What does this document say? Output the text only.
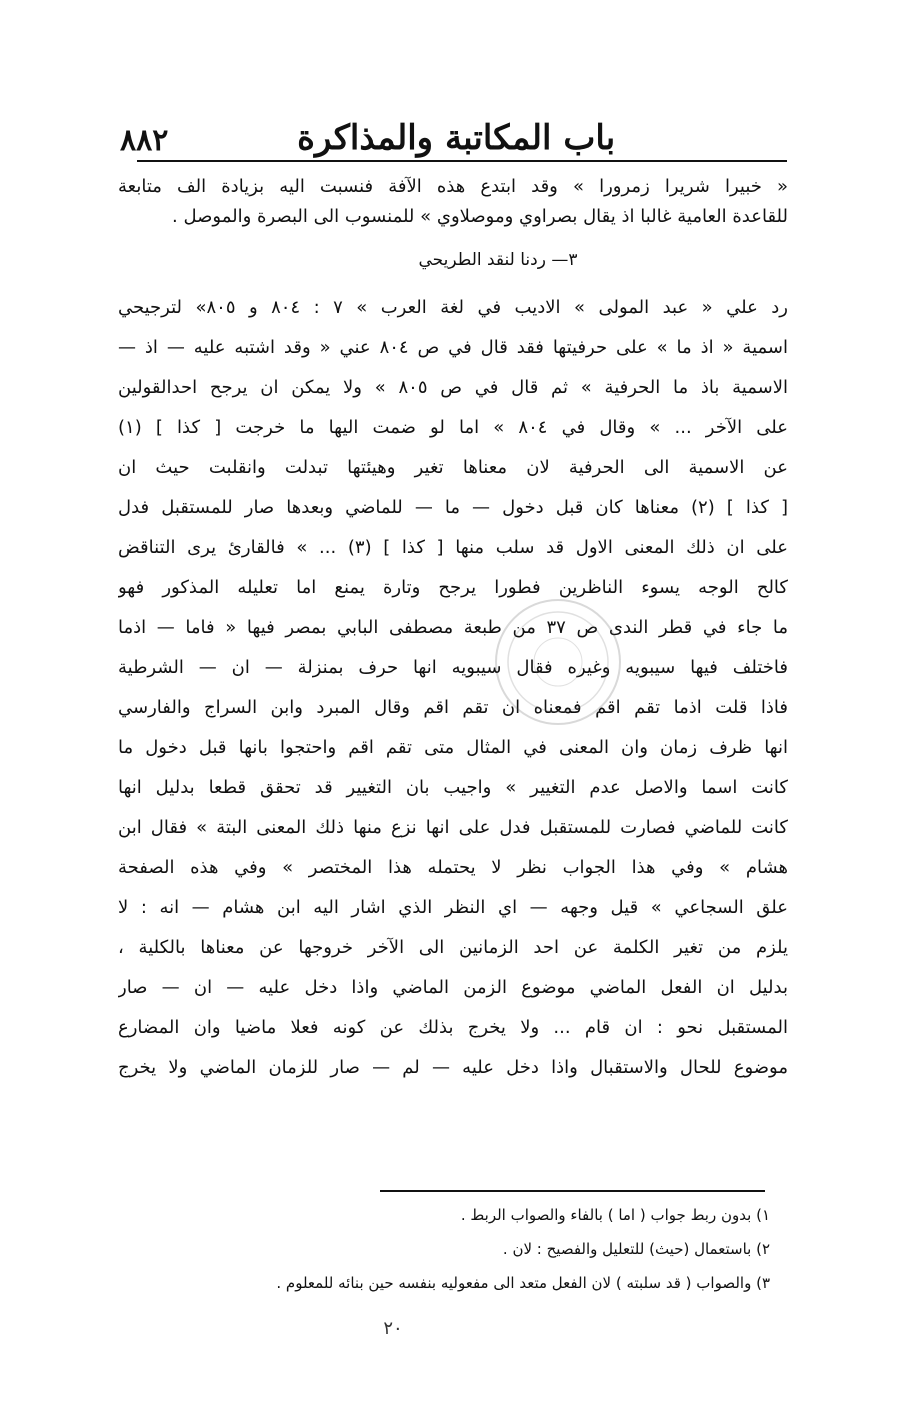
باب المكاتبة والمذاكرة
٨٨٢
« خبيرا شريرا زمرورا » وقد ابتدع هذه الآفة فنسبت اليه بزيادة الف متابعة
للقاعدة العامية غالبا اذ يقال بصراوي وموصلاوي » للمنسوب الى البصرة والموصل .
٣— ردنا لنقد الطريحي
رد علي « عبد المولى » الاديب في لغة العرب » ٧ : ٨٠٤ و ٨٠٥» لترجيحي
اسمية « اذ ما » على حرفيتها فقد قال في ص ٨٠٤ عني « وقد اشتبه عليه — اذ —
الاسمية باذ ما الحرفية » ثم قال في ص ٨٠٥ » ولا يمكن ان يرجح احدالقولين
على الآخر ... » وقال في ٨٠٤ » اما لو ضمت اليها ما خرجت [ كذا ] (١)
عن الاسمية الى الحرفية لان معناها تغير وهيئتها تبدلت وانقلبت حيث ان
[ كذا ] (٢) معناها كان قبل دخول — ما — للماضي وبعدها صار للمستقبل فدل
على ان ذلك المعنى الاول قد سلب منها [ كذا ] (٣) ... » فالقارئ يرى التناقض
كالح الوجه يسوء الناظرين فطورا يرجح وتارة يمنع اما تعليله المذكور فهو
ما جاء في قطر الندى ص ٣٧ من طبعة مصطفى البابي بمصر فيها « فاما — اذما
فاختلف فيها سيبويه وغيره فقال سيبويه انها حرف بمنزلة — ان — الشرطية
فاذا قلت اذما تقم اقم فمعناه ان تقم اقم وقال المبرد وابن السراج والفارسي
انها ظرف زمان وان المعنى في المثال متى تقم اقم واحتجوا بانها قبل دخول ما
كانت اسما والاصل عدم التغيير » واجيب بان التغيير قد تحقق قطعا بدليل انها
كانت للماضي فصارت للمستقبل فدل على انها نزع منها ذلك المعنى البتة » فقال ابن
هشام » وفي هذا الجواب نظر لا يحتمله هذا المختصر » وفي هذه الصفحة
علق السجاعي » قيل وجهه — اي النظر الذي اشار اليه ابن هشام — انه : لا
يلزم من تغير الكلمة عن احد الزمانين الى الآخر خروجها عن معناها بالكلية ،
بدليل ان الفعل الماضي موضوع الزمن الماضي واذا دخل عليه — ان — صار
المستقبل نحو : ان قام ... ولا يخرج بذلك عن كونه فعلا ماضيا وان المضارع
موضوع للحال والاستقبال واذا دخل عليه — لم — صار للزمان الماضي ولا يخرج
١) بدون ربط جواب ( اما ) بالفاء والصواب الربط .
٢) باستعمال (حيث) للتعليل والفصيح : لان .
٣) والصواب ( قد سلبته ) لان الفعل متعد الى مفعوليه بنفسه حين بنائه للمعلوم .
٢٠
